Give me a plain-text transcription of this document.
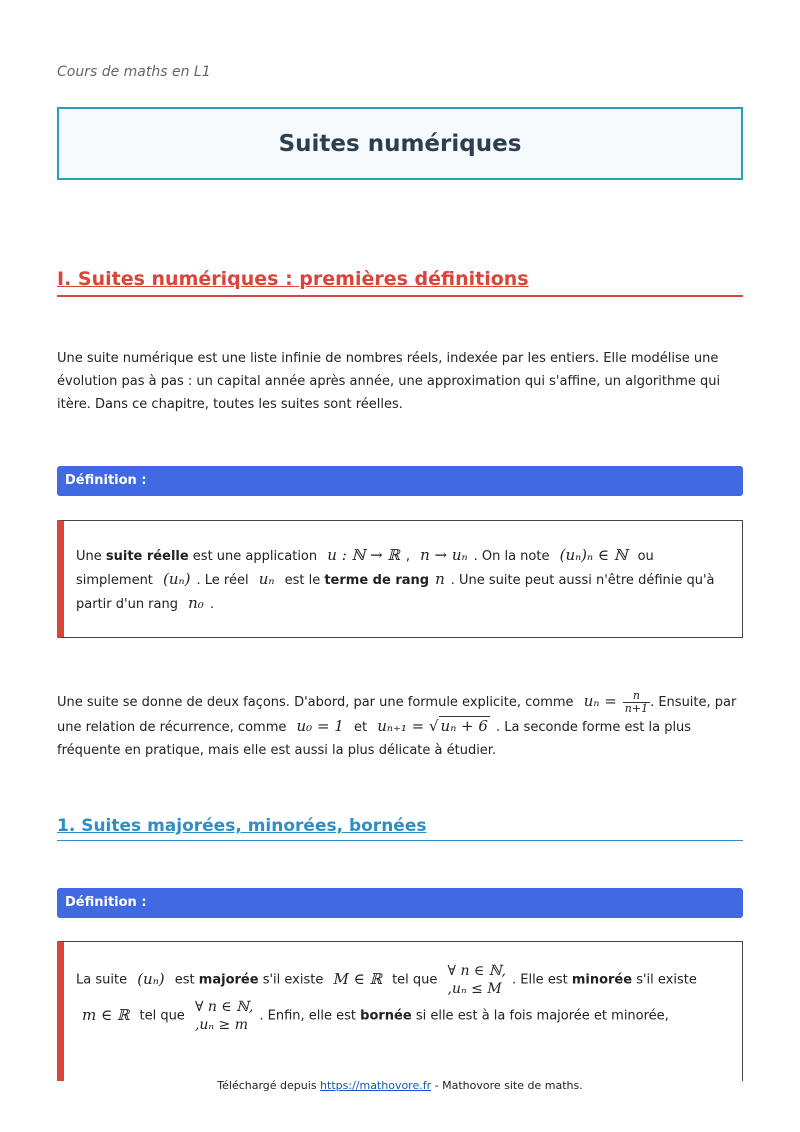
Cours de maths en L1
Suites numériques
I. Suites numériques : premières définitions
Une suite numérique est une liste infinie de nombres réels, indexée par les entiers. Elle modélise une évolution pas à pas : un capital année après année, une approximation qui s'affine, un algorithme qui itère. Dans ce chapitre, toutes les suites sont réelles.
Définition :
Une suite réelle est une application u : ℕ → ℝ , n → uₙ . On la note (uₙ)ₙ ∈ ℕ ou simplement (uₙ) . Le réel uₙ est le terme de rang n . Une suite peut aussi n'être définie qu'à partir d'un rang n₀ .
Une suite se donne de deux façons. D'abord, par une formule explicite, comme $u_n = \frac{n}{n+1}$ . Ensuite, par une relation de récurrence, comme u₀ = 1 et uₙ₊₁ = √ uₙ + 6 . La seconde forme est la plus fréquente en pratique, mais elle est aussi la plus délicate à étudier.
1. Suites majorées, minorées, bornées
Définition :
La suite (uₙ) est majorée s'il existe M ∈ ℝ tel que
∀ n ∈ ℕ,
,uₙ ≤ M
. Elle est minorée s'il existe m ∈ ℝ tel que
∀ n ∈ ℕ,
,uₙ ≥ m
. Enfin, elle est bornée si elle est à la fois majorée et minorée,
Téléchargé depuis https://mathovore.fr - Mathovore site de maths.
